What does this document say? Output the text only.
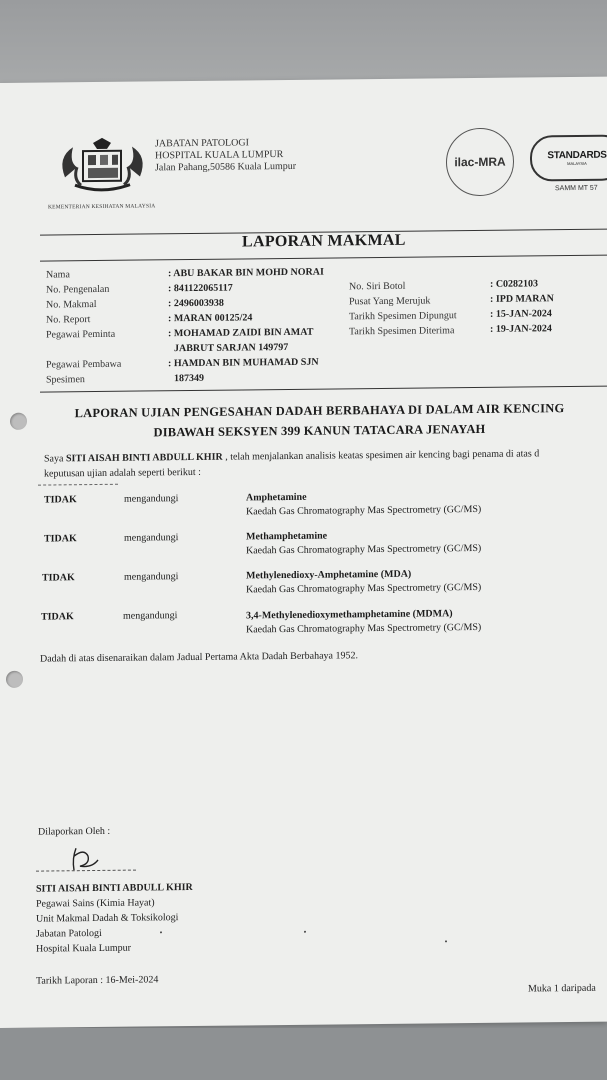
KEMENTERIAN KESIHATAN MALAYSIA
JABATAN PATOLOGI
HOSPITAL KUALA LUMPUR
Jalan Pahang,50586 Kuala Lumpur	ilac-MRA	STANDARDS
MALAYSIA
SAMM MT 57
LAPORAN MAKMAL
Nama	: ABU BAKAR BIN MOHD NORAI
No. Pengenalan	: 841122065117
No. Makmal	: 2496003938
No. Report	: MARAN 00125/24
Pegawai Peminta	: MOHAMAD ZAIDI BIN AMAT
JABRUT SARJAN 149797
Pegawai Pembawa	: HAMDAN BIN MUHAMAD SJN
Spesimen	187349
No. Siri Botol	: C0282103
Pusat Yang Merujuk	: IPD MARAN
Tarikh Spesimen Dipungut	: 15-JAN-2024
Tarikh Spesimen Diterima	: 19-JAN-2024
LAPORAN UJIAN PENGESAHAN DADAH BERBAHAYA DI DALAM AIR KENCING
DIBAWAH SEKSYEN 399 KANUN TATACARA JENAYAH
Saya SITI AISAH BINTI ABDULL KHIR , telah menjalankan analisis keatas spesimen air kencing bagi penama di atas d
keputusan ujian adalah seperti berikut :
TIDAK	mengandungi	Amphetamine
Kaedah Gas Chromatography Mas Spectrometry (GC/MS)
TIDAK	mengandungi	Methamphetamine
Kaedah Gas Chromatography Mas Spectrometry (GC/MS)
TIDAK	mengandungi	Methylenedioxy-Amphetamine (MDA)
Kaedah Gas Chromatography Mas Spectrometry (GC/MS)
TIDAK	mengandungi	3,4-Methylenedioxymethamphetamine (MDMA)
Kaedah Gas Chromatography Mas Spectrometry (GC/MS)
Dadah di atas disenaraikan dalam Jadual Pertama Akta Dadah Berbahaya 1952.
Dilaporkan Oleh :
SITI AISAH BINTI ABDULL KHIR
Pegawai Sains (Kimia Hayat)
Unit Makmal Dadah & Toksikologi
Jabatan Patologi
Hospital Kuala Lumpur
Tarikh Laporan : 16-Mei-2024
Muka 1 daripada
